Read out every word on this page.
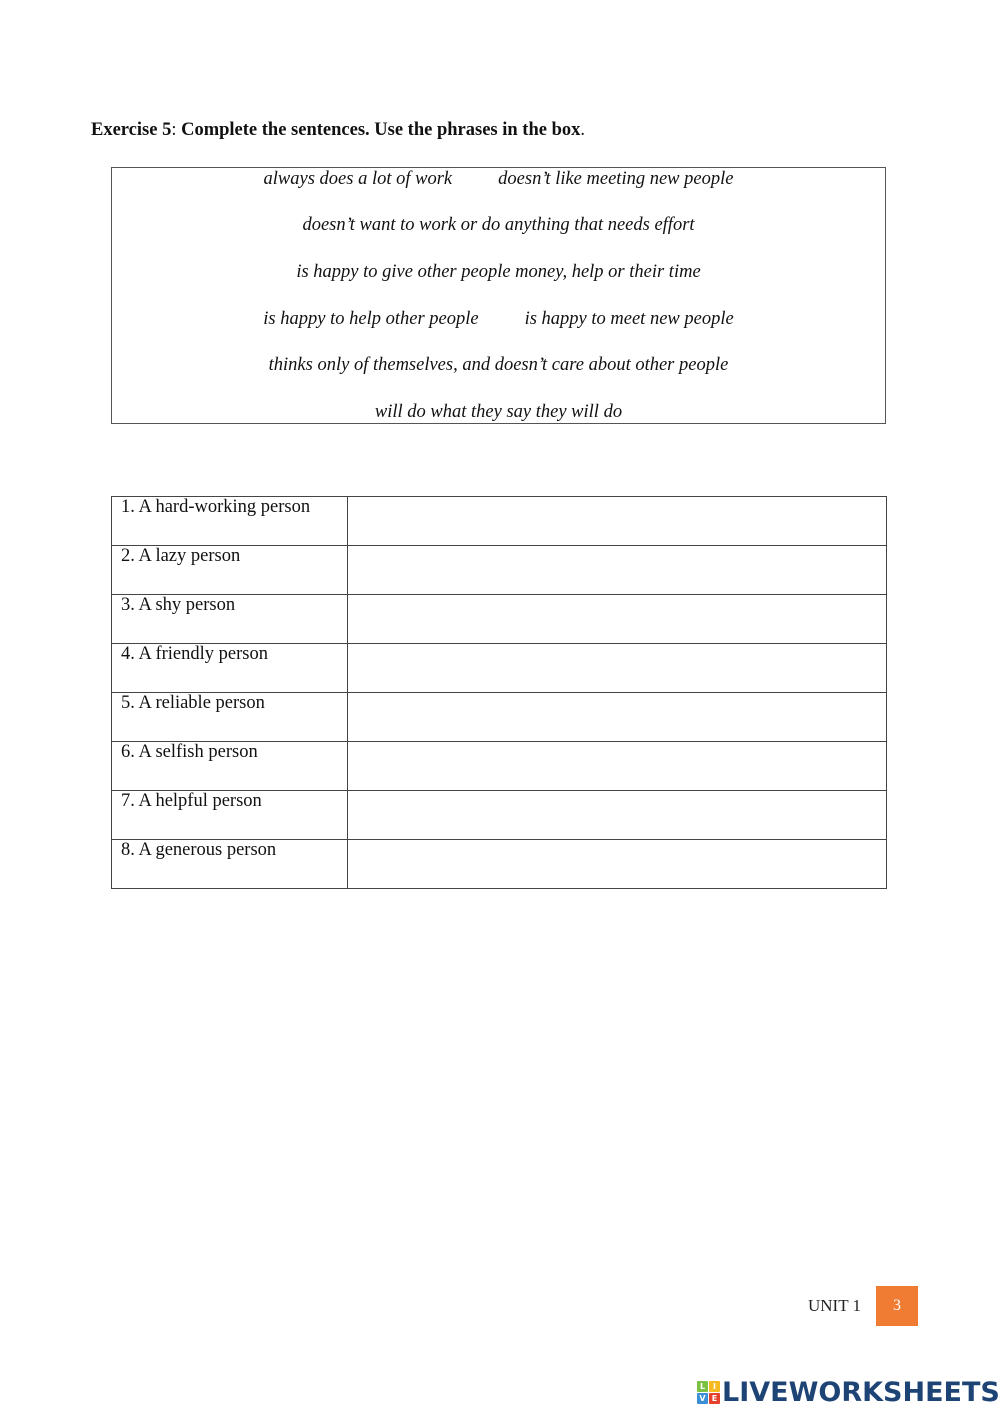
Exercise 5: Complete the sentences. Use the phrases in the box.
always does a lot of work doesn’t like meeting new people
doesn’t want to work or do anything that needs effort
is happy to give other people money, help or their time
is happy to help other people is happy to meet new people
thinks only of themselves, and doesn’t care about other people
will do what they say they will do
1. A hard-working person	
2. A lazy person	
3. A shy person	
4. A friendly person	
5. A reliable person	
6. A selfish person	
7. A helpful person	
8. A generous person	
UNIT 1	3
L I
V E LIVEWORKSHEETS
